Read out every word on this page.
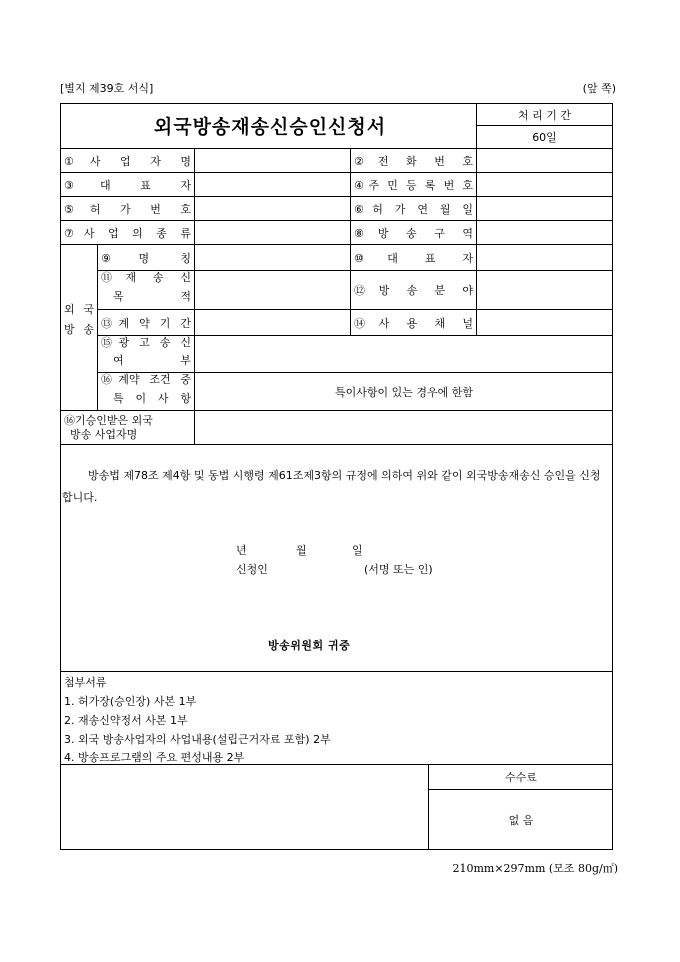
[별지 제39호 서식]	(앞 쪽)
외국방송재송신승인신청서
처 리 기 간
60일
①사 업 자 명	②전 화 번 호
③대 표 자	④주 민 등 록 번 호
⑤허 가 번 호	⑥허 가 연 월 일
⑦사 업 의 종 류	⑧방 송 구 역
외 국
방 송
⑨명 칭	⑩대 표 자
⑪재 송 신
목 적	⑫방 송 분 야
⑬계 약 기 간	⑭사 용 채 널
⑮광 고 송 신
여 부
⑯계약 조건 중
특 이 사 항	특이사항이 있는 경우에 한함
⑯기승인받은 외국
방송 사업자명
방송법 제78조 제4항 및 동법 시행령 제61조제3항의 규정에 의하여 위와 같이 외국방송재송신 승인을 신청합니다.
년	월	일
신청인	(서명 또는 인)
방송위원회 귀중
첨부서류
1. 허가장(승인장) 사본 1부
2. 재송신약정서 사본 1부
3. 외국 방송사업자의 사업내용(설립근거자료 포함) 2부
4. 방송프로그램의 주요 편성내용 2부
수수료
없 음
210mm×297mm (모조 80g/㎡)
